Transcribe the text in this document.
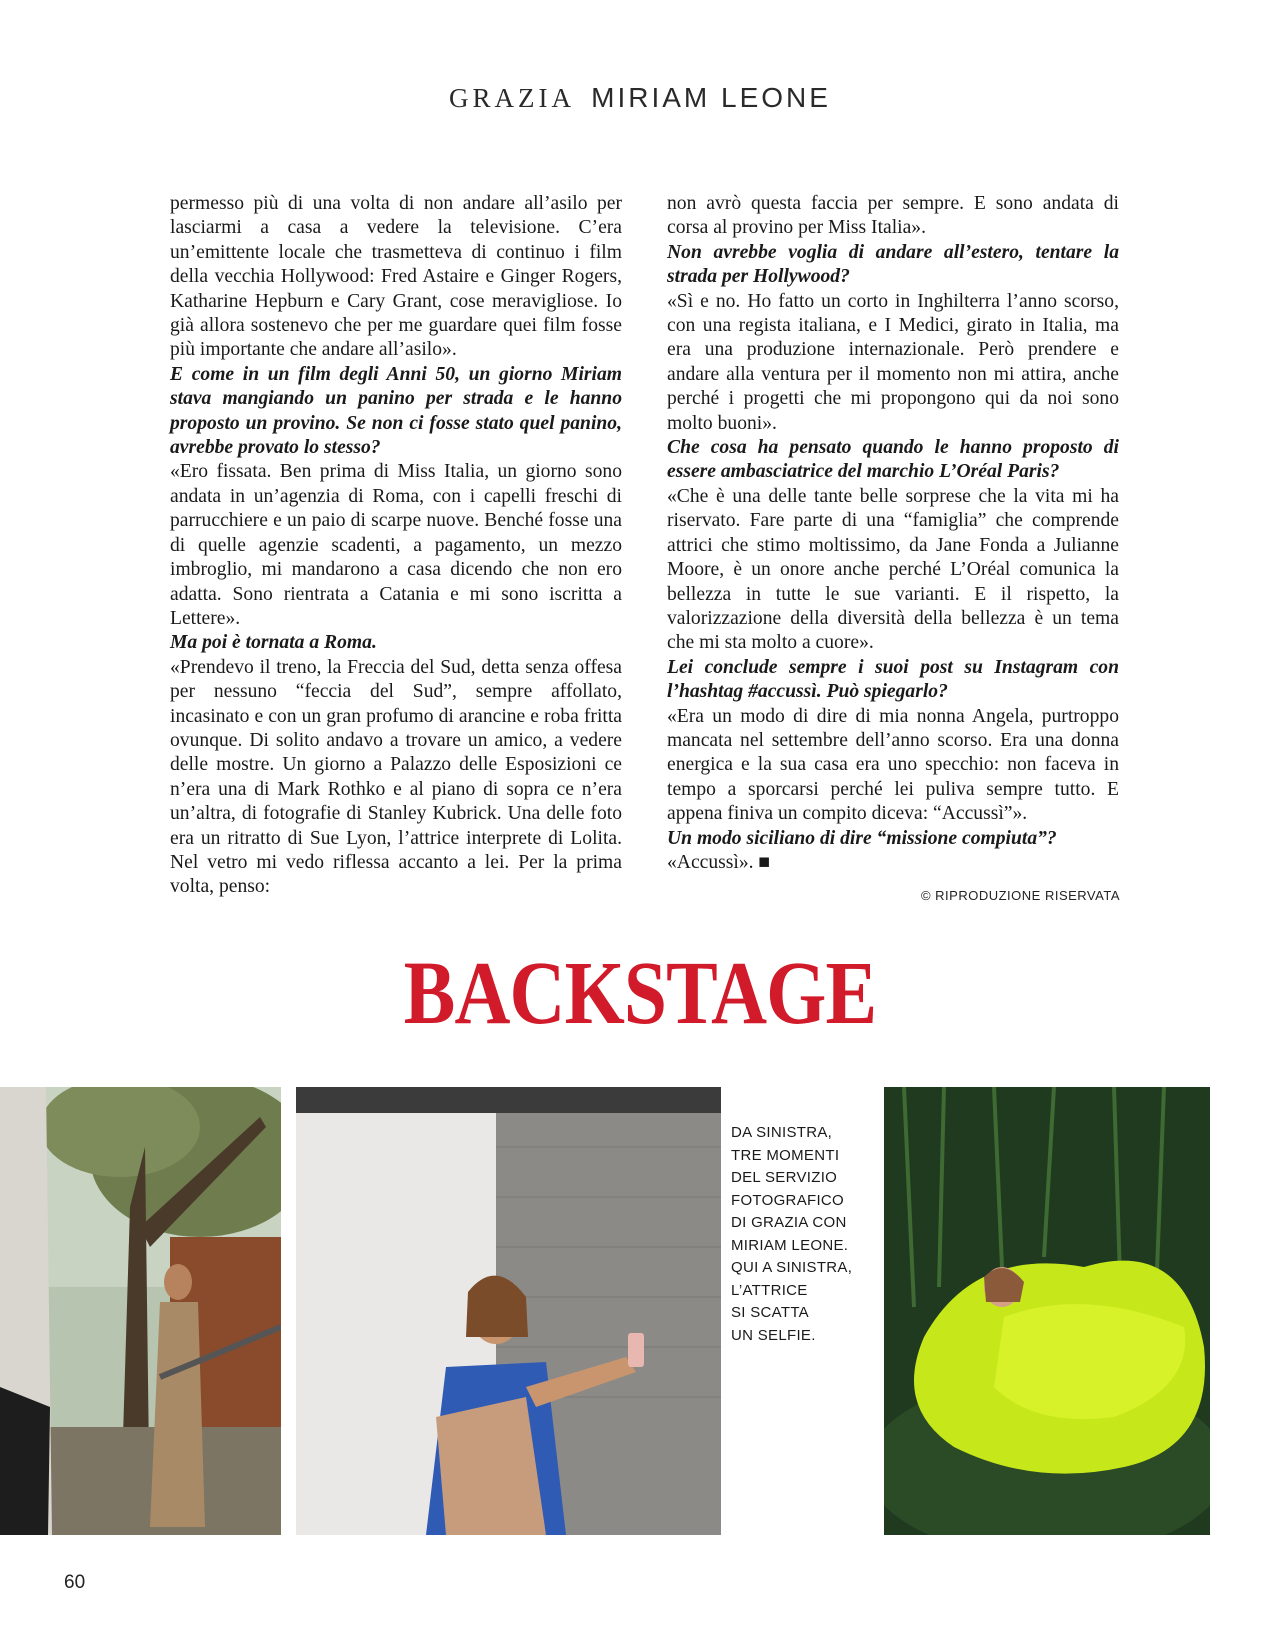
GRAZIA MIRIAM LEONE

permesso più di una volta di non andare all’asilo per lasciarmi a casa a vedere la televisione. C’era un’emittente locale che trasmetteva di continuo i film della vecchia Hollywood: Fred Astaire e Ginger Rogers, Katharine Hepburn e Cary Grant, cose meravigliose. Io già allora sostenevo che per me guardare quei film fosse più importante che andare all’asilo».

E come in un film degli Anni 50, un giorno Miriam stava mangiando un panino per strada e le hanno proposto un provino. Se non ci fosse stato quel panino, avrebbe provato lo stesso?

«Ero fissata. Ben prima di Miss Italia, un giorno sono andata in un’agenzia di Roma, con i capelli freschi di parrucchiere e un paio di scarpe nuove. Benché fosse una di quelle agenzie scadenti, a pagamento, un mezzo imbroglio, mi mandarono a casa dicendo che non ero adatta. Sono rientrata a Catania e mi sono iscritta a Lettere».

Ma poi è tornata a Roma.

«Prendevo il treno, la Freccia del Sud, detta senza offesa per nessuno “feccia del Sud”, sempre affollato, incasinato e con un gran profumo di arancine e roba fritta ovunque. Di solito andavo a trovare un amico, a vedere delle mostre. Un giorno a Palazzo delle Esposizioni ce n’era una di Mark Rothko e al piano di sopra ce n’era un’altra, di fotografie di Stanley Kubrick. Una delle foto era un ritratto di Sue Lyon, l’attrice interprete di Lolita. Nel vetro mi vedo riflessa accanto a lei. Per la prima volta, penso:

non avrò questa faccia per sempre. E sono andata di corsa al provino per Miss Italia».

Non avrebbe voglia di andare all’estero, tentare la strada per Hollywood?

«Sì e no. Ho fatto un corto in Inghilterra l’anno scorso, con una regista italiana, e I Medici, girato in Italia, ma era una produzione internazionale. Però prendere e andare alla ventura per il momento non mi attira, anche perché i progetti che mi propongono qui da noi sono molto buoni».

Che cosa ha pensato quando le hanno proposto di essere ambasciatrice del marchio L’Oréal Paris?

«Che è una delle tante belle sorprese che la vita mi ha riservato. Fare parte di una “famiglia” che comprende attrici che stimo moltissimo, da Jane Fonda a Julianne Moore, è un onore anche perché L’Oréal comunica la bellezza in tutte le sue varianti. E il rispetto, la valorizzazione della diversità della bellezza è un tema che mi sta molto a cuore».

Lei conclude sempre i suoi post su Instagram con l’hashtag #accussì. Può spiegarlo?

«Era un modo di dire di mia nonna Angela, purtroppo mancata nel settembre dell’anno scorso. Era una donna energica e la sua casa era uno specchio: non faceva in tempo a sporcarsi perché lei puliva sempre tutto. E appena finiva un compito diceva: “Accussì”».

Un modo siciliano di dire “missione compiuta”?

«Accussì». ■

© RIPRODUZIONE RISERVATA
BACKSTAGE
DA SINISTRA,
TRE MOMENTI
DEL SERVIZIO
FOTOGRAFICO
DI GRAZIA CON
MIRIAM LEONE.
QUI A SINISTRA,
L’ATTRICE
SI SCATTA
UN SELFIE.
60
